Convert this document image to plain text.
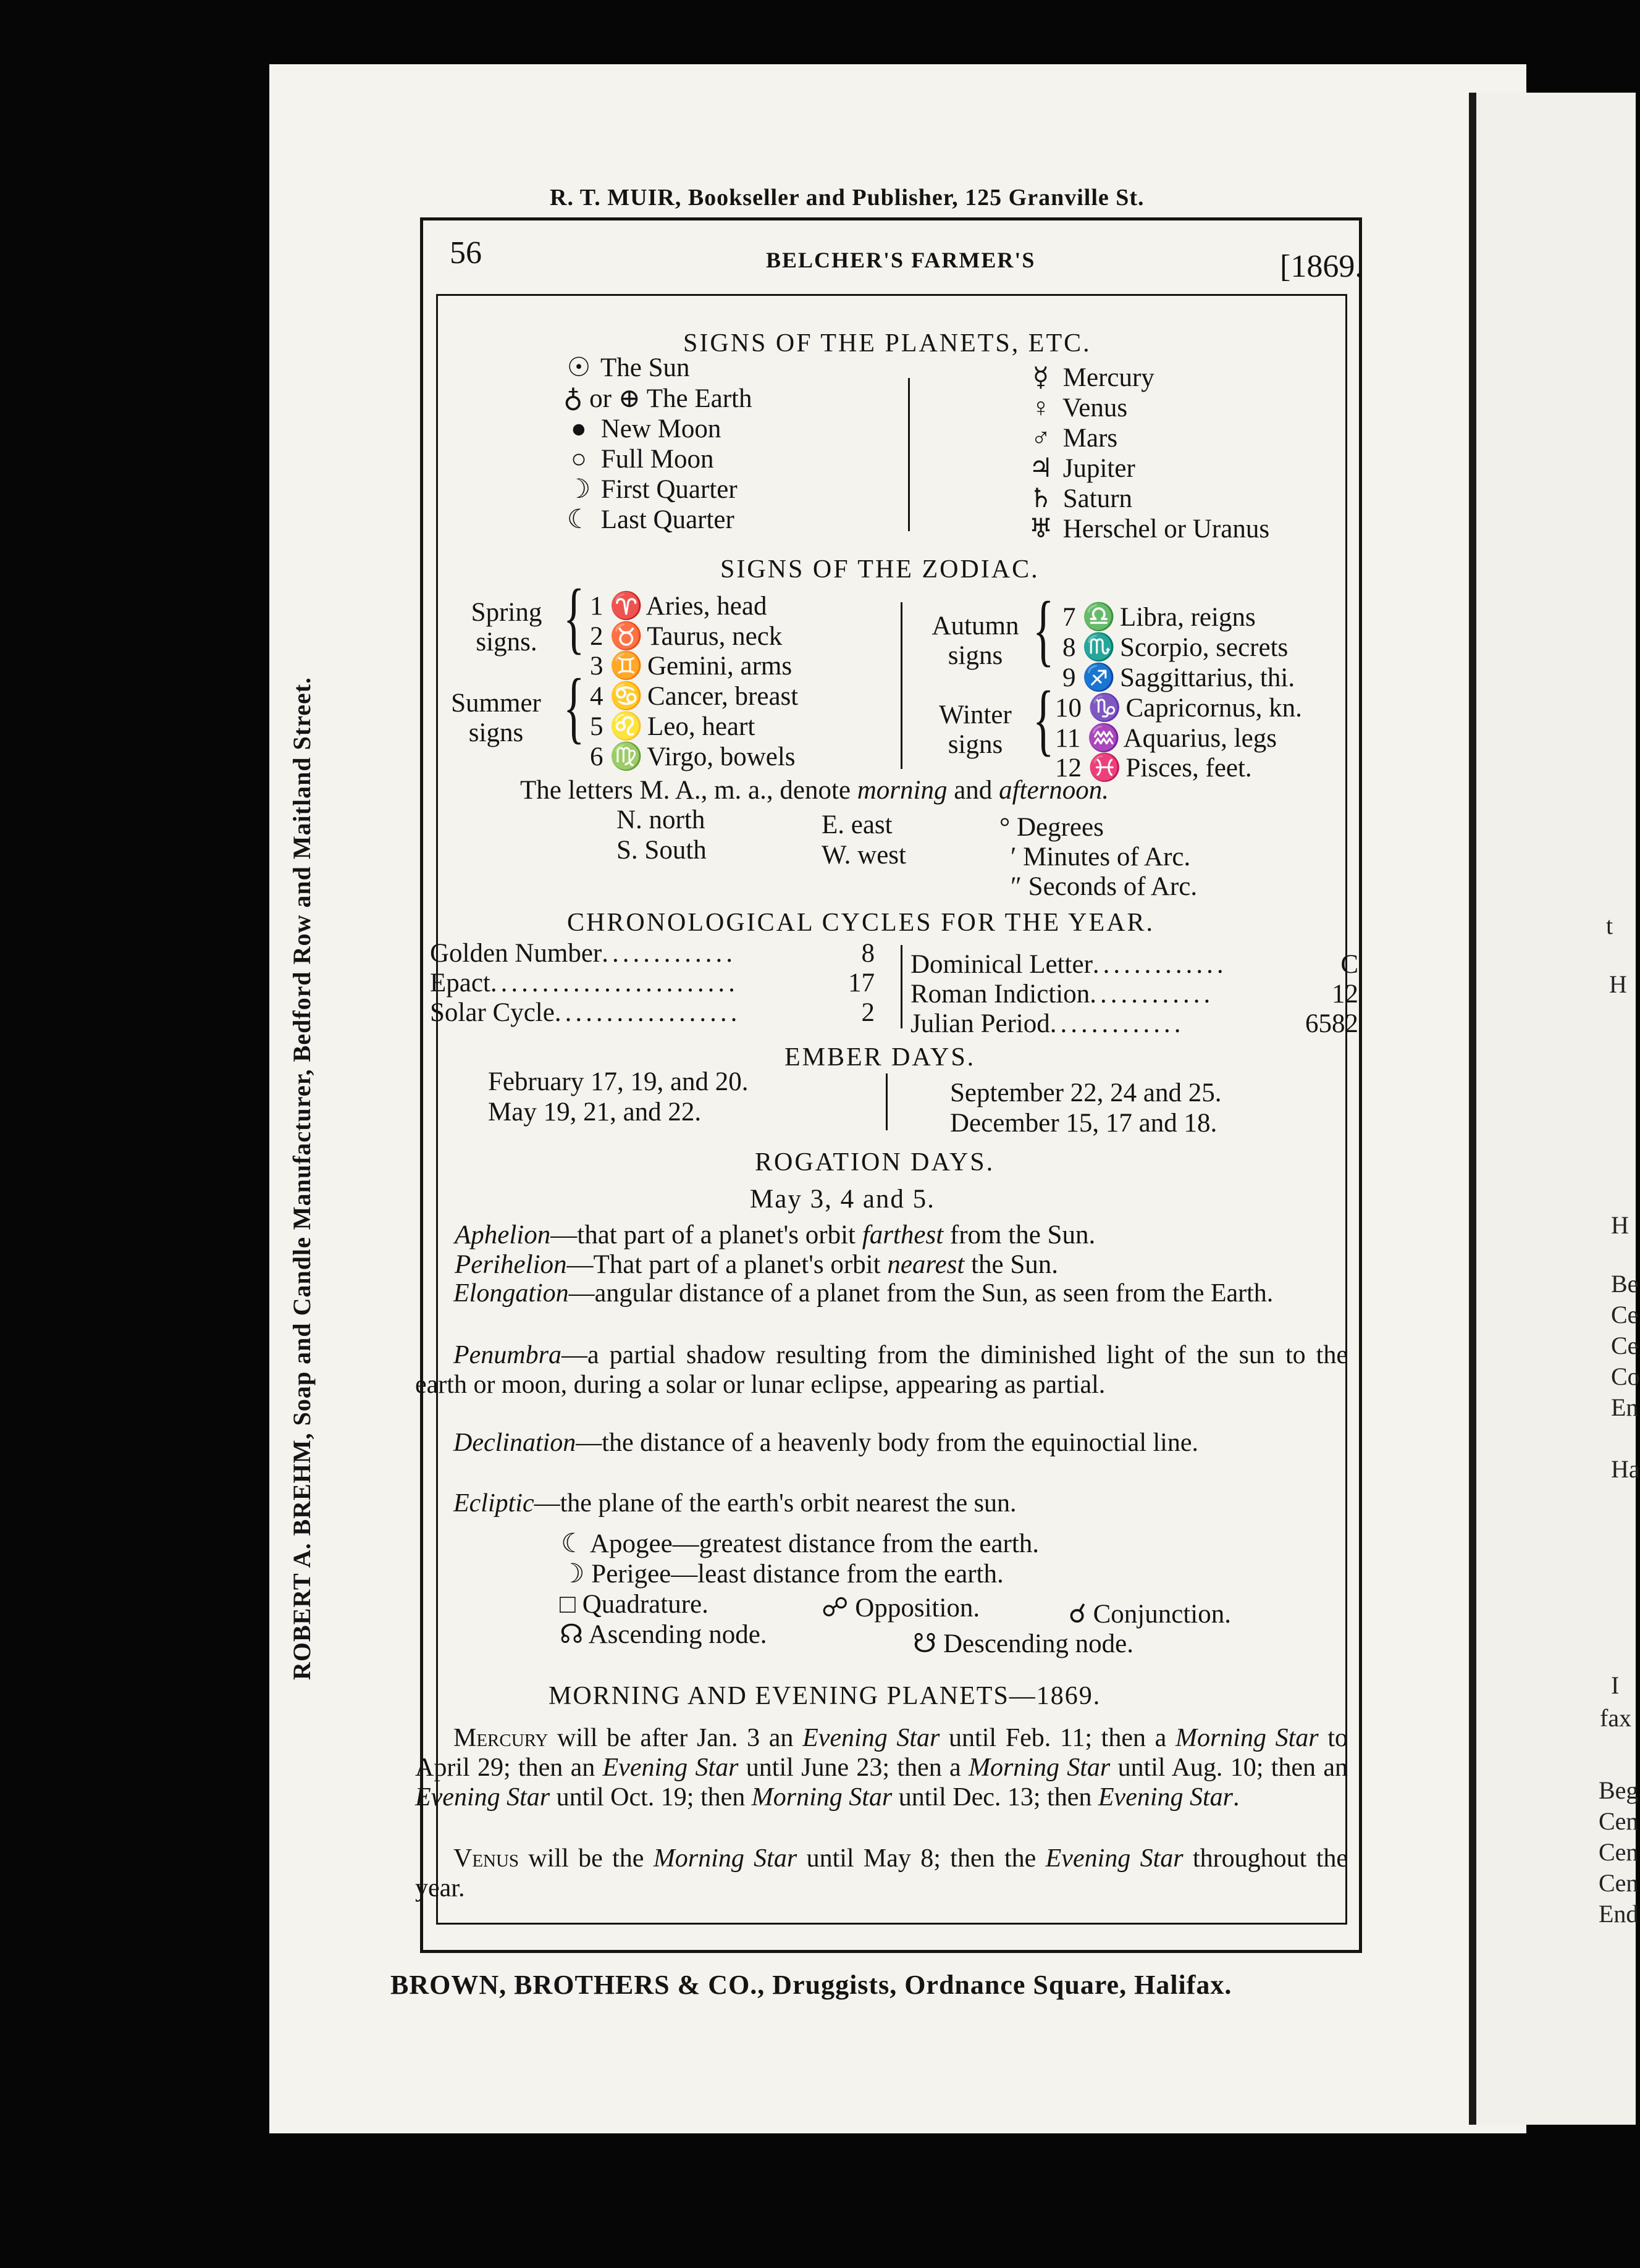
t
H
H
Be
Ce
Ce
Co
En
Ha
I
fax
Beg
Cen
Cen
Cen
End
R. T. MUIR, Bookseller and Publisher, 125 Granville St.
ROBERT A. BREHM, Soap and Candle Manufacturer, Bedford Row and Maitland Street.
56	BELCHER'S FARMER'S	[1869.
SIGNS OF THE PLANETS, ETC.
☉ The Sun
♁ or ⊕ The Earth
● New Moon
○ Full Moon
☽ First Quarter
☾ Last Quarter
☿ Mercury
♀ Venus
♂ Mars
♃ Jupiter
♄ Saturn
♅ Herschel or Uranus
SIGNS OF THE ZODIAC.
Spring signs.
Summer signs
{
{
1 ♈ Aries, head
2 ♉ Taurus, neck
3 ♊ Gemini, arms
4 ♋ Cancer, breast
5 ♌ Leo, heart
6 ♍ Virgo, bowels
Autumn signs
Winter signs
{
{
7 ♎ Libra, reigns
8 ♏ Scorpio, secrets
9 ♐ Saggittarius, thi.
10 ♑ Capricornus, kn.
11 ♒ Aquarius, legs
12 ♓ Pisces, feet.
The letters M. A., m. a., denote morning and afternoon.
N. north
S. South
E. east
W. west
° Degrees
′ Minutes of Arc.
″ Seconds of Arc.
CHRONOLOGICAL CYCLES FOR THE YEAR.
Golden Number.............	8
Epact........................	17
Solar Cycle..................	2
Dominical Letter.............	C
Roman Indiction............	12
Julian Period.............	6582
EMBER DAYS.
February 17, 19, and 20.
May 19, 21, and 22.
September 22, 24 and 25.
December 15, 17 and 18.
ROGATION DAYS.
May 3, 4 and 5.
Aphelion—that part of a planet's orbit farthest from the Sun.
Perihelion—That part of a planet's orbit nearest the Sun.
Elongation—angular distance of a planet from the Sun, as seen from the Earth.
Penumbra—a partial shadow resulting from the diminished light of the sun to the earth or moon, during a solar or lunar eclipse, appearing as partial.
Declination—the distance of a heavenly body from the equinoctial line.
Ecliptic—the plane of the earth's orbit nearest the sun.
☾ Apogee—greatest distance from the earth.
☽ Perigee—least distance from the earth.
□ Quadrature.	☍ Opposition.	☌ Conjunction.
☊ Ascending node.	☋ Descending node.
MORNING AND EVENING PLANETS—1869.
Mercury will be after Jan. 3 an Evening Star until Feb. 11; then a Morning Star to April 29; then an Evening Star until June 23; then a Morning Star until Aug. 10; then an Evening Star until Oct. 19; then Morning Star until Dec. 13; then Evening Star.
Venus will be the Morning Star until May 8; then the Evening Star throughout the year.
BROWN, BROTHERS & CO., Druggists, Ordnance Square, Halifax.
